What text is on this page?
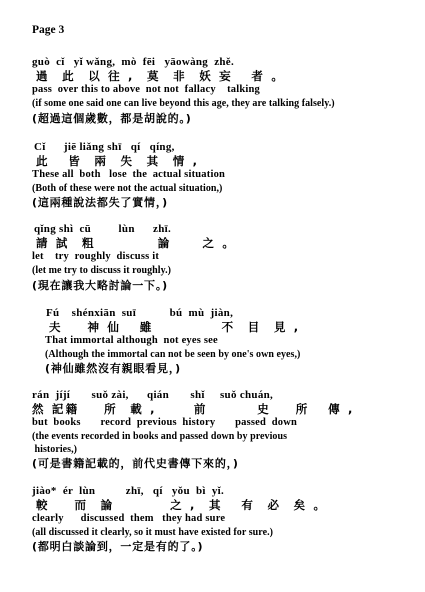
Page 3
guò  cǐ   yǐ wǎng,  mò  fēi   yāowàng  zhě.
過  此  以 往 ,  莫  非  妖 妄   者 。
pass  over this to above  not not  fallacy    talking
(if some one said one can live beyond this age, they are talking falsely.)
(超過這個歲數，都是胡說的。)
Cǐ      jiē liǎng shī   qí   qíng,
此   皆  兩  失  其  情 ,
These all  both   lose  the  actual situation
(Both of these were not the actual situation,)
(這兩種說法都失了實情，)
qǐng shì  cū         lùn      zhī.
請 試  粗          論     之 。
let    try  roughly  discuss it
(let me try to discuss it roughly.)
(現在讓我大略討論一下。)
Fú    shénxiān  suī           bú  mù  jiàn,
夫    神 仙   雖           不  目  見 ,
That immortal although  not eyes see
(Although the immortal can not be seen by one's own eyes,)
(神仙雖然沒有親眼看見，)
rán  jíjí       suǒ zài,      qián       shǐ     suǒ chuán,
然 記籍    所  載 ,      前        史    所   傳 ,
but  books       record  previous  history       passed  down
(the events recorded in books and passed down by previous
histories,)
(可是書籍記載的，前代史書傳下來的，)
jiào*  ér  lùn          zhī,   qí   yǒu  bì  yǐ.
較    而  論         之 ,  其   有  必  矣 。
clearly      discussed  them   they had sure
(all discussed it clearly, so it must have existed for sure.)
(都明白談論到，一定是有的了。)
